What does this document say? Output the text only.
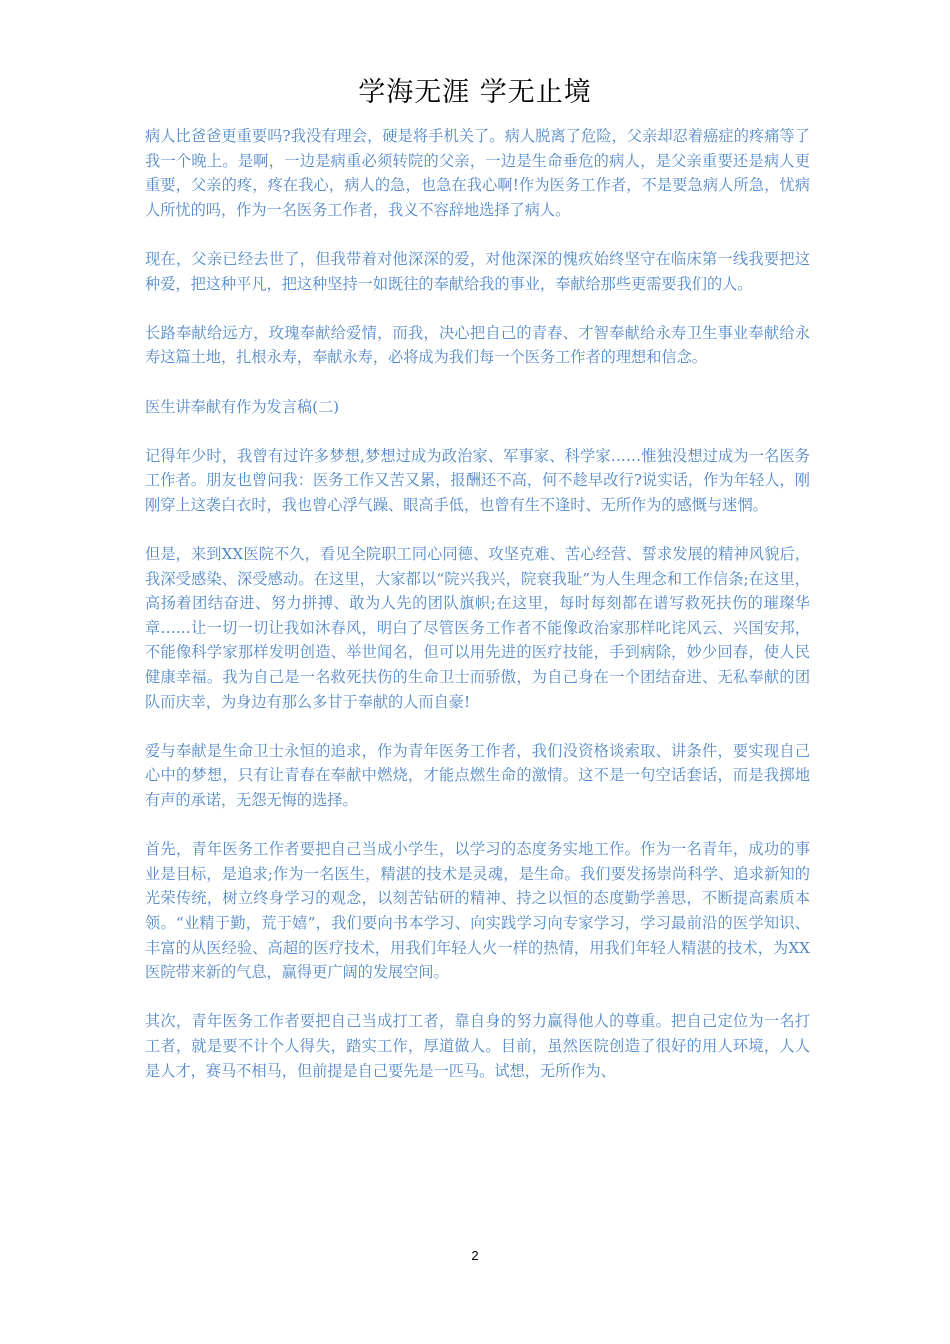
学海无涯 学无止境

病人比爸爸更重要吗?我没有理会，硬是将手机关了。病人脱离了危险，父亲却忍着癌症的疼痛等了我一个晚上。是啊，一边是病重必须转院的父亲，一边是生命垂危的病人，是父亲重要还是病人更重要，父亲的疼，疼在我心，病人的急，也急在我心啊!作为医务工作者，不是要急病人所急，忧病人所忧的吗，作为一名医务工作者，我义不容辞地选择了病人。

现在，父亲已经去世了，但我带着对他深深的爱，对他深深的愧疚始终坚守在临床第一线我要把这种爱，把这种平凡，把这种坚持一如既往的奉献给我的事业，奉献给那些更需要我们的人。

长路奉献给远方，玫瑰奉献给爱情，而我，决心把自己的青春、才智奉献给永寿卫生事业奉献给永寿这篇土地，扎根永寿，奉献永寿，必将成为我们每一个医务工作者的理想和信念。

医生讲奉献有作为发言稿(二)

记得年少时，我曾有过许多梦想,梦想过成为政治家、军事家、科学家……惟独没想过成为一名医务工作者。朋友也曾问我：医务工作又苦又累，报酬还不高，何不趁早改行?说实话，作为年轻人，刚刚穿上这袭白衣时，我也曾心浮气躁、眼高手低，也曾有生不逢时、无所作为的感慨与迷惘。

但是，来到XX医院不久，看见全院职工同心同德、攻坚克难、苦心经营、誓求发展的精神风貌后，我深受感染、深受感动。在这里，大家都以“院兴我兴，院衰我耻”为人生理念和工作信条;在这里，高扬着团结奋进、努力拼搏、敢为人先的团队旗帜;在这里，每时每刻都在谱写救死扶伤的璀璨华章……让一切一切让我如沐春风，明白了尽管医务工作者不能像政治家那样叱诧风云、兴国安邦，不能像科学家那样发明创造、举世闻名，但可以用先进的医疗技能，手到病除，妙少回春，使人民健康幸福。我为自己是一名救死扶伤的生命卫士而骄傲，为自己身在一个团结奋进、无私奉献的团队而庆幸，为身边有那么多甘于奉献的人而自豪!

爱与奉献是生命卫士永恒的追求，作为青年医务工作者，我们没资格谈索取、讲条件，要实现自己心中的梦想，只有让青春在奉献中燃烧，才能点燃生命的激情。这不是一句空话套话，而是我掷地有声的承诺，无怨无悔的选择。

首先，青年医务工作者要把自己当成小学生，以学习的态度务实地工作。作为一名青年，成功的事业是目标，是追求;作为一名医生，精湛的技术是灵魂，是生命。我们要发扬崇尚科学、追求新知的光荣传统，树立终身学习的观念，以刻苦钻研的精神、持之以恒的态度勤学善思，不断提高素质本领。“业精于勤，荒于嬉”，我们要向书本学习、向实践学习向专家学习，学习最前沿的医学知识、丰富的从医经验、高超的医疗技术，用我们年轻人火一样的热情，用我们年轻人精湛的技术，为XX医院带来新的气息，赢得更广阔的发展空间。

其次，青年医务工作者要把自己当成打工者，靠自身的努力赢得他人的尊重。把自己定位为一名打工者，就是要不计个人得失，踏实工作，厚道做人。目前，虽然医院创造了很好的用人环境，人人是人才，赛马不相马，但前提是自己要先是一匹马。试想，无所作为、

2
